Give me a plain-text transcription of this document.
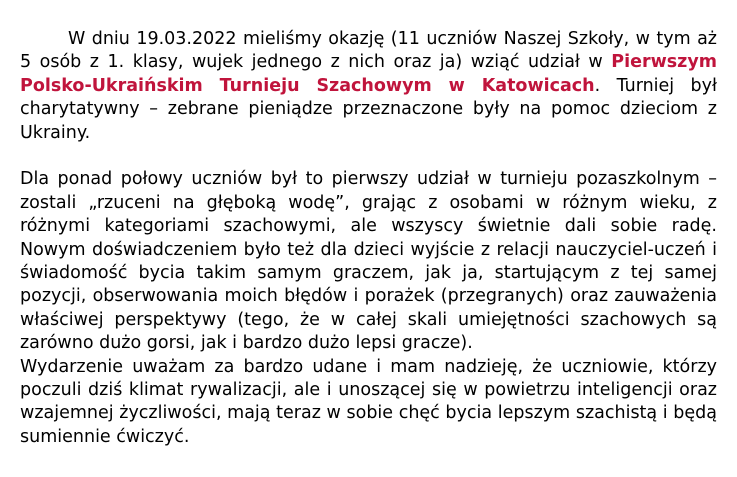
W dniu 19.03.2022 mieliśmy okazję (11 uczniów Naszej Szkoły, w tym aż 5 osób z 1. klasy, wujek jednego z nich oraz ja) wziąć udział w Pierwszym Polsko-Ukraińskim Turnieju Szachowym w Katowicach. Turniej był charytatywny – zebrane pieniądze przeznaczone były na pomoc dzieciom z Ukrainy.

Dla ponad połowy uczniów był to pierwszy udział w turnieju pozaszkolnym – zostali „rzuceni na głęboką wodę”, grając z osobami w różnym wieku, z różnymi kategoriami szachowymi, ale wszyscy świetnie dali sobie radę. Nowym doświadczeniem było też dla dzieci wyjście z relacji nauczyciel-uczeń i świadomość bycia takim samym graczem, jak ja, startującym z tej samej pozycji, obserwowania moich błędów i porażek (przegranych) oraz zauważenia właściwej perspektywy (tego, że w całej skali umiejętności szachowych są zarówno dużo gorsi, jak i bardzo dużo lepsi gracze).

Wydarzenie uważam za bardzo udane i mam nadzieję, że uczniowie, którzy poczuli dziś klimat rywalizacji, ale i unoszącej się w powietrzu inteligencji oraz wzajemnej życzliwości, mają teraz w sobie chęć bycia lepszym szachistą i będą sumiennie ćwiczyć.
